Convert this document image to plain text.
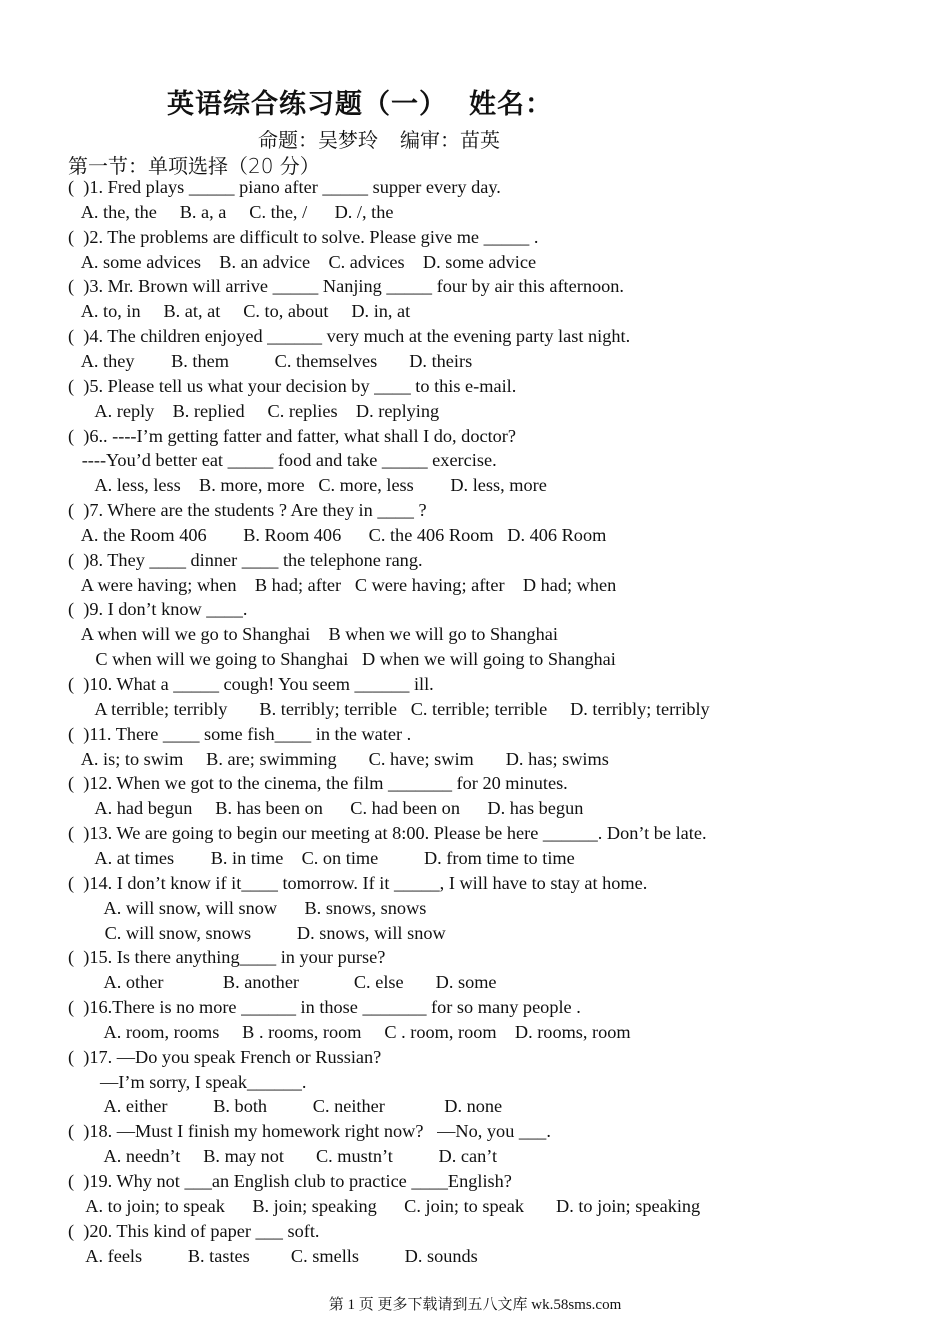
英语综合练习题（一） 姓名：
命题：吴梦玲 编审：苗英
第一节：单项选择（20 分）
(  )1. Fred plays _____ piano after _____ supper every day.
A. the, the     B. a, a     C. the, /      D. /, the
(  )2. The problems are difficult to solve. Please give me _____ .
A. some advices    B. an advice    C. advices    D. some advice
(  )3. Mr. Brown will arrive _____ Nanjing _____ four by air this afternoon.
A. to, in     B. at, at     C. to, about     D. in, at
(  )4. The children enjoyed ______ very much at the evening party last night.
A. they        B. them          C. themselves       D. theirs
(  )5. Please tell us what your decision by ____ to this e-mail.
A. reply    B. replied     C. replies    D. replying
(  )6.. ----I’m getting fatter and fatter, what shall I do, doctor?
----You’d better eat _____ food and take _____ exercise.
A. less, less    B. more, more   C. more, less        D. less, more
(  )7. Where are the students ? Are they in ____ ?
A. the Room 406        B. Room 406      C. the 406 Room   D. 406 Room
(  )8. They ____ dinner ____ the telephone rang.
A were having; when    B had; after   C were having; after    D had; when
(  )9. I don’t know ____.
A when will we go to Shanghai    B when we will go to Shanghai
C when will we going to Shanghai   D when we will going to Shanghai
(  )10. What a _____ cough! You seem ______ ill.
A terrible; terribly       B. terribly; terrible   C. terrible; terrible     D. terribly; terribly
(  )11. There ____ some fish____ in the water .
A. is; to swim     B. are; swimming       C. have; swim       D. has; swims
(  )12. When we got to the cinema, the film _______ for 20 minutes.
A. had begun     B. has been on      C. had been on      D. has begun
(  )13. We are going to begin our meeting at 8:00. Please be here ______. Don’t be late.
A. at times        B. in time    C. on time          D. from time to time
(  )14. I don’t know if it____ tomorrow. If it _____, I will have to stay at home.
A. will snow, will snow      B. snows, snows
C. will snow, snows          D. snows, will snow
(  )15. Is there anything____ in your purse?
A. other             B. another            C. else       D. some
(  )16.There is no more ______ in those _______ for so many people .
A. room, rooms     B . rooms, room     C . room, room    D. rooms, room
(  )17. —Do you speak French or Russian?
—I’m sorry, I speak______.
A. either          B. both          C. neither             D. none
(  )18. —Must I finish my homework right now?   —No, you ___.
A. needn’t     B. may not       C. mustn’t          D. can’t
(  )19. Why not ___an English club to practice ____English?
A. to join; to speak      B. join; speaking      C. join; to speak       D. to join; speaking
(  )20. This kind of paper ___ soft.
A. feels          B. tastes         C. smells          D. sounds
第 1 页 更多下载请到五八文库 wk.58sms.com
